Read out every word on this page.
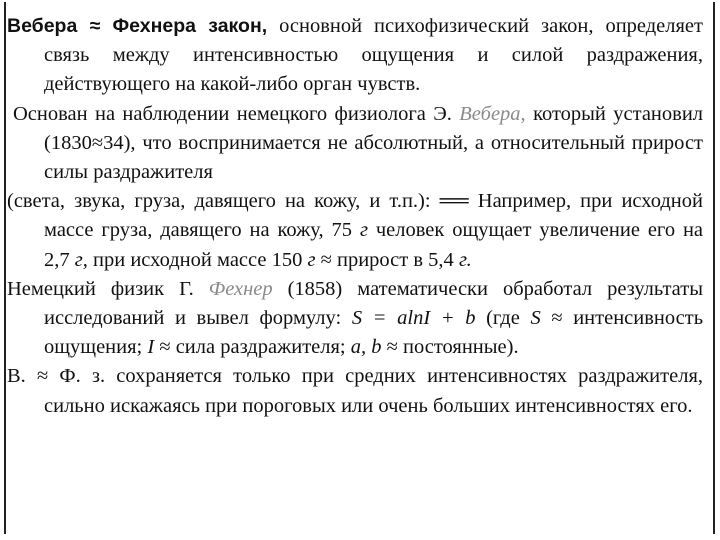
Вебера ≈ Фехнера закон, основной психофизический закон, определяет связь между интенсивностью ощущения и силой раздражения, действующего на какой-либо орган чувств.

Основан на наблюдении немецкого физиолога Э. Вебера, который установил (1830≈34), что воспринимается не абсолютный, а относительный прирост силы раздражителя

(света, звука, груза, давящего на кожу, и т.п.): ══ Например, при исходной массе груза, давящего на кожу, 75 г человек ощущает увеличение его на 2,7 г, при исходной массе 150 г ≈ прирост в 5,4 г.

Немецкий физик Г. Фехнер (1858) математически обработал результаты исследований и вывел формулу: S = alnI + b (где S ≈ интенсивность ощущения; I ≈ сила раздражителя; a, b ≈ постоянные).

В. ≈ Ф. з. сохраняется только при средних интенсивностях раздражителя, сильно искажаясь при пороговых или очень больших интенсивностях его.
